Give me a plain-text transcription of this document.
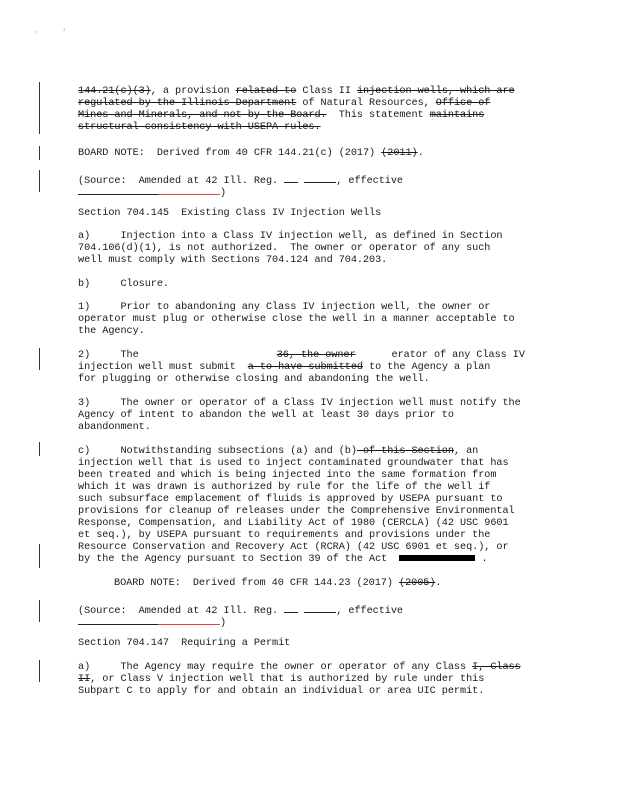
·	'
144.21(c)(3), a provision related to Class II injection wells, which are
regulated by the Illinois Department of Natural Resources, Office of
Mines and Minerals, and not by the Board.  This statement maintains
structural consistency with USEPA rules.
BOARD NOTE:  Derived from 40 CFR 144.21(c) (2017) (2011).
(Source:  Amended at 42 Ill. Reg.	, effective
)
Section 704.145  Existing Class IV Injection Wells
a)     Injection into a Class IV injection well, as defined in Section
704.106(d)(1), is not authorized.  The owner or operator of any such
well must comply with Sections 704.124 and 704.203.
b)     Closure.
1)     Prior to abandoning any Class IV injection well, the owner or
operator must plug or otherwise close the well in a manner acceptable to
the Agency.
2)     The	36, the owner	erator of any Class IV
injection well must submit  a to have submitted to the Agency a plan
for plugging or otherwise closing and abandoning the well.
3)     The owner or operator of a Class IV injection well must notify the
Agency of intent to abandon the well at least 30 days prior to
abandonment.
c)     Notwithstanding subsections (a) and (b) of this Section, an
injection well that is used to inject contaminated groundwater that has
been treated and which is being injected into the same formation from
which it was drawn is authorized by rule for the life of the well if
such subsurface emplacement of fluids is approved by USEPA pursuant to
provisions for cleanup of releases under the Comprehensive Environmental
Response, Compensation, and Liability Act of 1980 (CERCLA) (42 USC 9601
et seq.), by USEPA pursuant to requirements and provisions under the
Resource Conservation and Recovery Act (RCRA) (42 USC 6901 et seq.), or
by the the Agency pursuant to Section 39 of the Act	.
BOARD NOTE:  Derived from 40 CFR 144.23 (2017) (2005).
(Source:  Amended at 42 Ill. Reg.	, effective
)
Section 704.147  Requiring a Permit
a)     The Agency may require the owner or operator of any Class I, Class
II, or Class V injection well that is authorized by rule under this
Subpart C to apply for and obtain an individual or area UIC permit.
